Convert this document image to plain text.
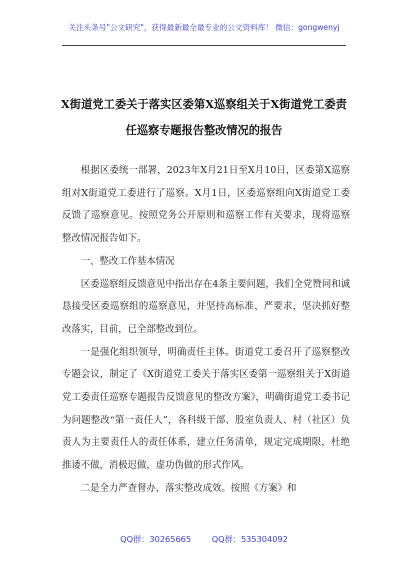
关注头条号"公文研究"，获得最新最全最专业的公文资料库！ 微信：gongwenyj
X街道党工委关于落实区委第X巡察组关于X街道党工委责
任巡察专题报告整改情况的报告

根据区委统一部署，2023年X月21日至X月10日，区委第X巡察组对X街道党工委进行了巡察。X月1日，区委巡察组向X街道党工委反馈了巡察意见。按照党务公开原则和巡察工作有关要求，现将巡察整改情况报告如下。

一、整改工作基本情况

区委巡察组反馈意见中指出存在4条主要问题，我们全党赞同和诚恳接受区委巡察组的巡察意见，并坚持高标准、严要求，坚决抓好整改落实，目前，已全部整改到位。

一是强化组织领导，明确责任主体。街道党工委召开了巡察整改专题会议，制定了《X街道党工委关于落实区委第一巡察组关于X街道党工委责任巡察专题报告反馈意见的整改方案》，明确街道党工委书记为问题整改“第一责任人”，各科级干部、股室负责人、村（社区）负责人为主要责任人的责任体系，建立任务清单，规定完成期限，杜绝推诿不做，消极迟做，虚功伪做的形式作风。

二是全力严查督办，落实整改成效。按照《方案》和

QQ群：30265665	QQ群：535304092
